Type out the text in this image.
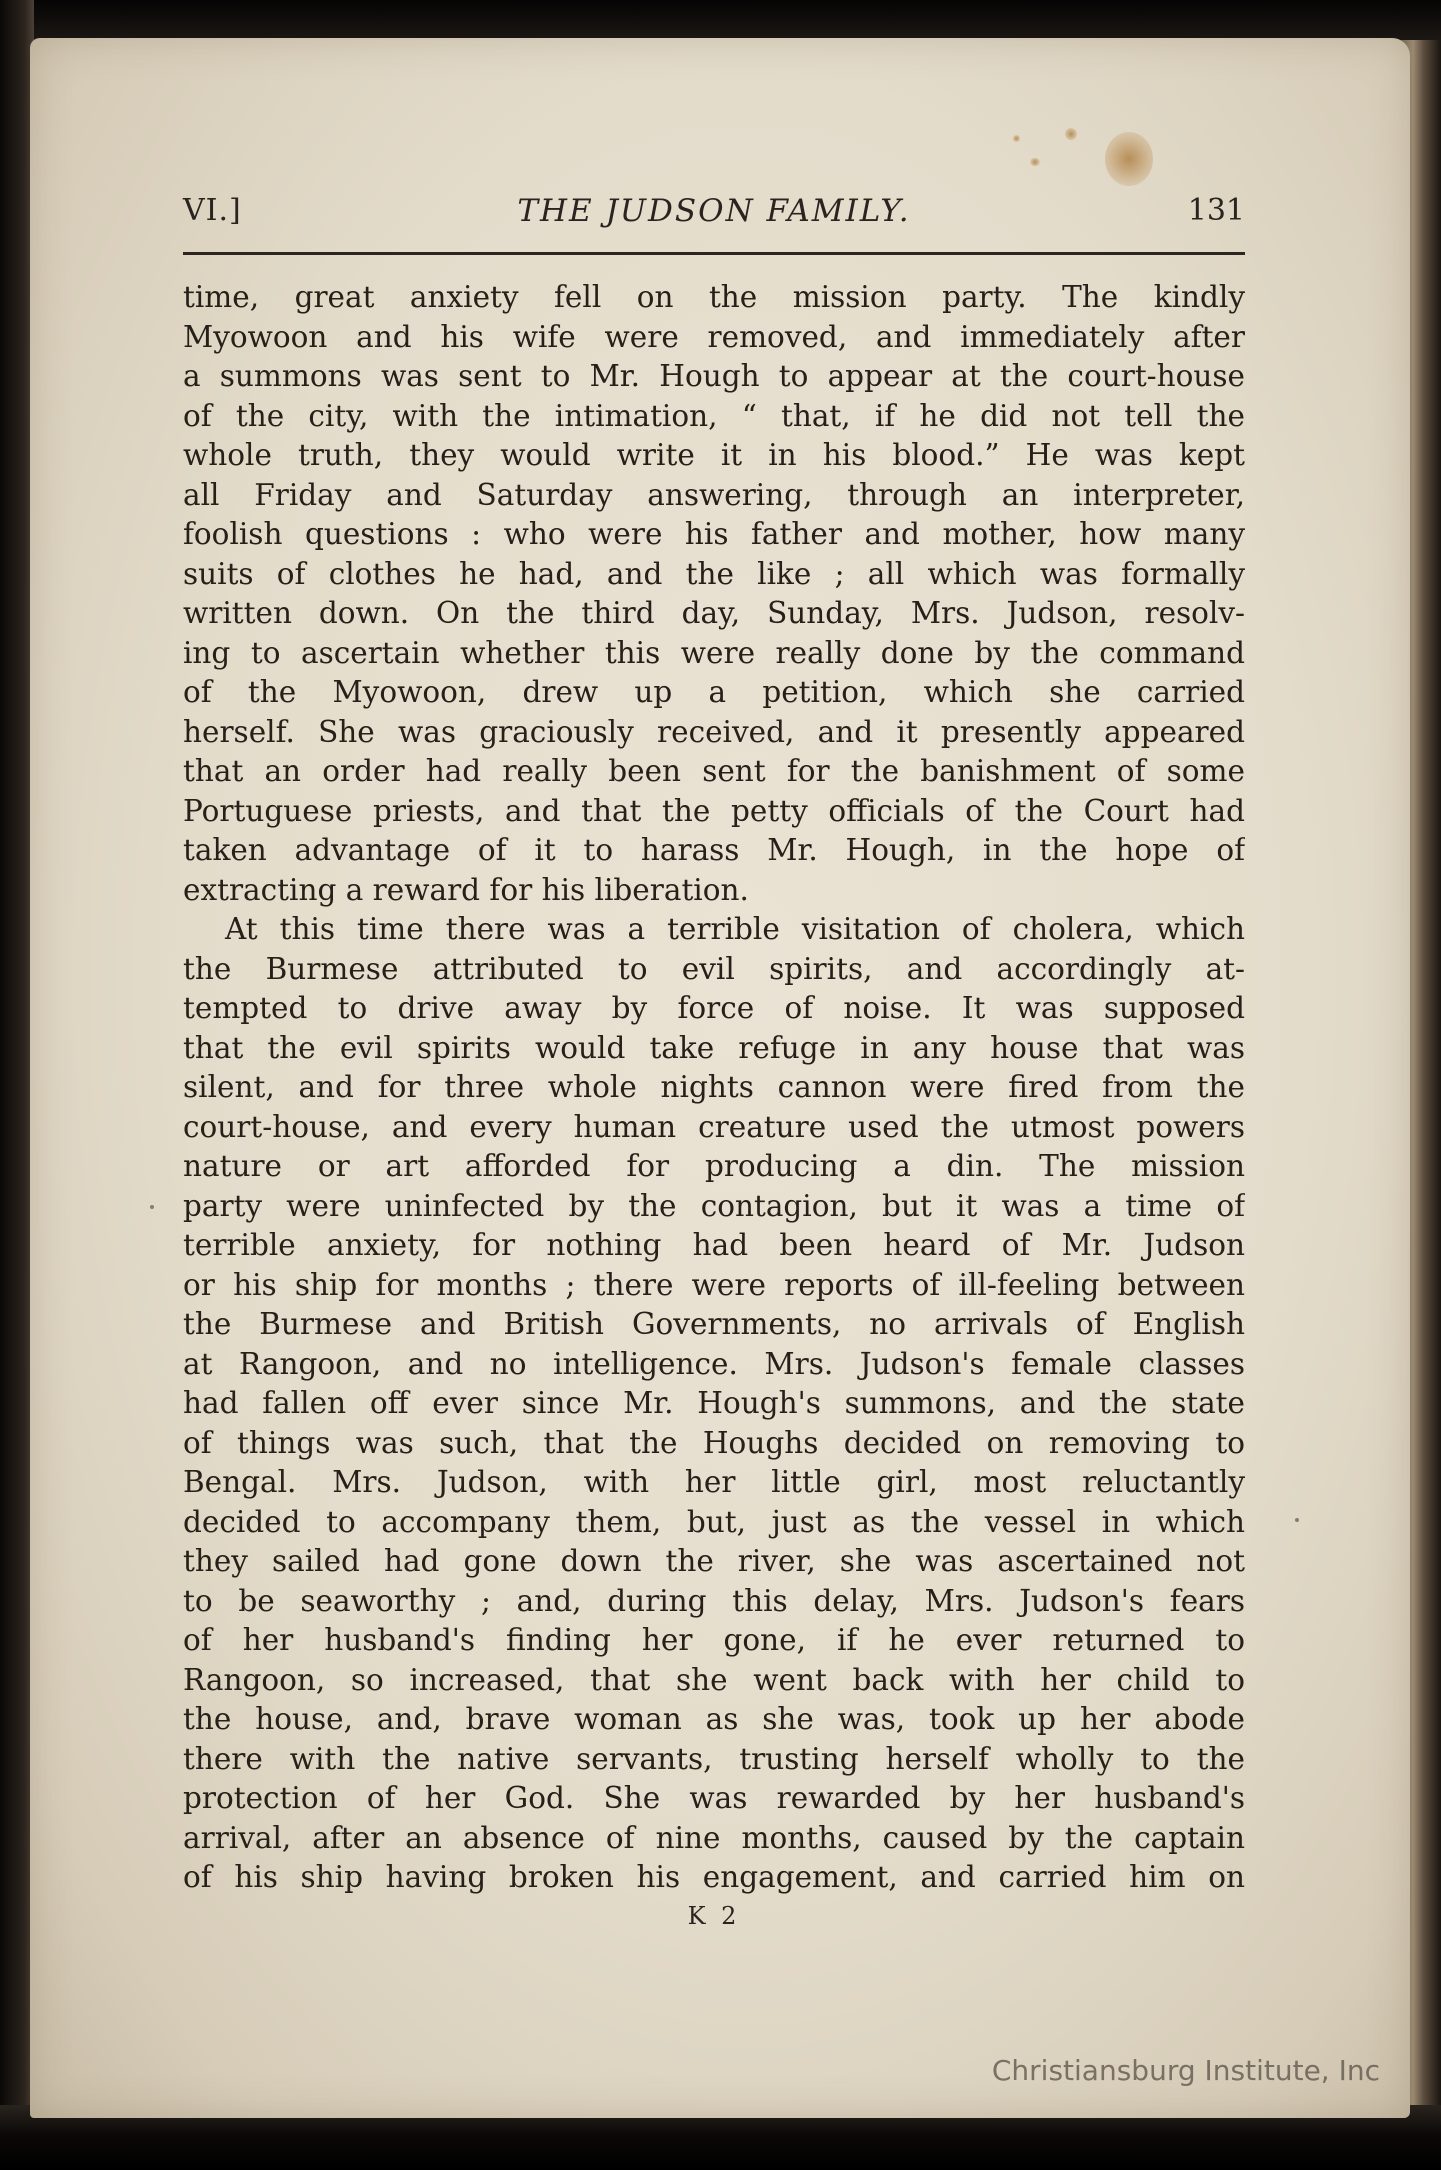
VI.]	THE JUDSON FAMILY.	131
time, great anxiety fell on the mission party. The kindly
Myowoon and his wife were removed, and immediately after
a summons was sent to Mr. Hough to appear at the court-house
of the city, with the intimation, “ that, if he did not tell the
whole truth, they would write it in his blood.” He was kept
all Friday and Saturday answering, through an interpreter,
foolish questions : who were his father and mother, how many
suits of clothes he had, and the like ; all which was formally
written down. On the third day, Sunday, Mrs. Judson, resolv-
ing to ascertain whether this were really done by the command
of the Myowoon, drew up a petition, which she carried
herself. She was graciously received, and it presently appeared
that an order had really been sent for the banishment of some
Portuguese priests, and that the petty officials of the Court had
taken advantage of it to harass Mr. Hough, in the hope of
extracting a reward for his liberation.
At this time there was a terrible visitation of cholera, which
the Burmese attributed to evil spirits, and accordingly at-
tempted to drive away by force of noise. It was supposed
that the evil spirits would take refuge in any house that was
silent, and for three whole nights cannon were fired from the
court-house, and every human creature used the utmost powers
nature or art afforded for producing a din. The mission
party were uninfected by the contagion, but it was a time of
terrible anxiety, for nothing had been heard of Mr. Judson
or his ship for months ; there were reports of ill-feeling between
the Burmese and British Governments, no arrivals of English
at Rangoon, and no intelligence. Mrs. Judson's female classes
had fallen off ever since Mr. Hough's summons, and the state
of things was such, that the Houghs decided on removing to
Bengal. Mrs. Judson, with her little girl, most reluctantly
decided to accompany them, but, just as the vessel in which
they sailed had gone down the river, she was ascertained not
to be seaworthy ; and, during this delay, Mrs. Judson's fears
of her husband's finding her gone, if he ever returned to
Rangoon, so increased, that she went back with her child to
the house, and, brave woman as she was, took up her abode
there with the native servants, trusting herself wholly to the
protection of her God. She was rewarded by her husband's
arrival, after an absence of nine months, caused by the captain
of his ship having broken his engagement, and carried him on
K 2
Christiansburg Institute, Inc
